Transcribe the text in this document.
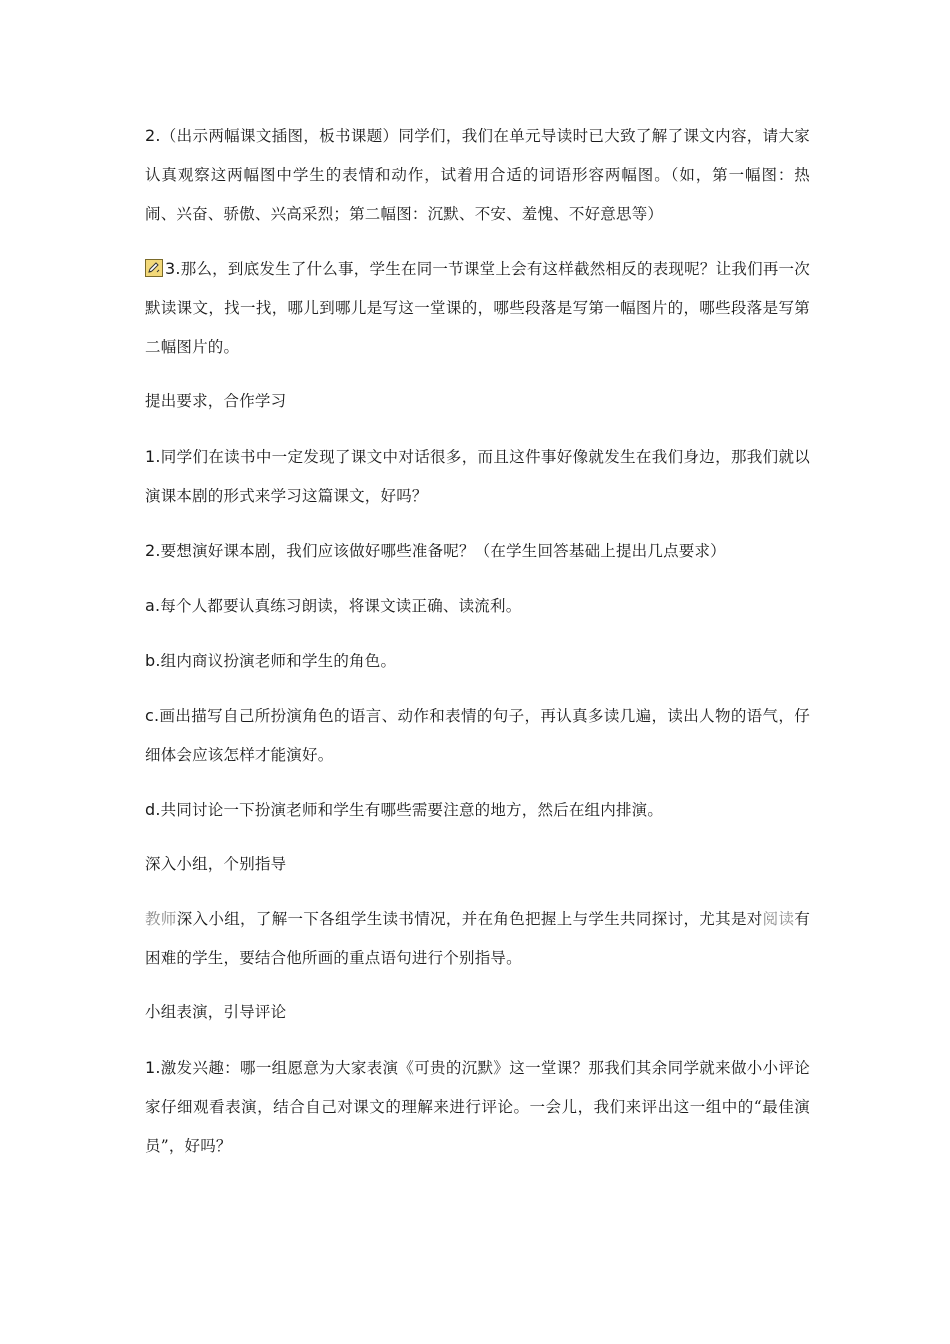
2.（出示两幅课文插图，板书课题）同学们，我们在单元导读时已大致了解了课文内容，请大家认真观察这两幅图中学生的表情和动作，试着用合适的词语形容两幅图。（如，第一幅图：热闹、兴奋、骄傲、兴高采烈；第二幅图：沉默、不安、羞愧、不好意思等）

3.那么，到底发生了什么事，学生在同一节课堂上会有这样截然相反的表现呢？让我们再一次默读课文，找一找，哪儿到哪儿是写这一堂课的，哪些段落是写第一幅图片的，哪些段落是写第二幅图片的。

提出要求，合作学习

1.同学们在读书中一定发现了课文中对话很多，而且这件事好像就发生在我们身边，那我们就以演课本剧的形式来学习这篇课文，好吗？

2.要想演好课本剧，我们应该做好哪些准备呢？（在学生回答基础上提出几点要求）

a.每个人都要认真练习朗读，将课文读正确、读流利。

b.组内商议扮演老师和学生的角色。

c.画出描写自己所扮演角色的语言、动作和表情的句子，再认真多读几遍，读出人物的语气，仔细体会应该怎样才能演好。

d.共同讨论一下扮演老师和学生有哪些需要注意的地方，然后在组内排演。

深入小组，个别指导

教师深入小组，了解一下各组学生读书情况，并在角色把握上与学生共同探讨，尤其是对阅读有困难的学生，要结合他所画的重点语句进行个别指导。

小组表演，引导评论

1.激发兴趣：哪一组愿意为大家表演《可贵的沉默》这一堂课？那我们其余同学就来做小小评论家仔细观看表演，结合自己对课文的理解来进行评论。一会儿，我们来评出这一组中的“最佳演员”，好吗？
